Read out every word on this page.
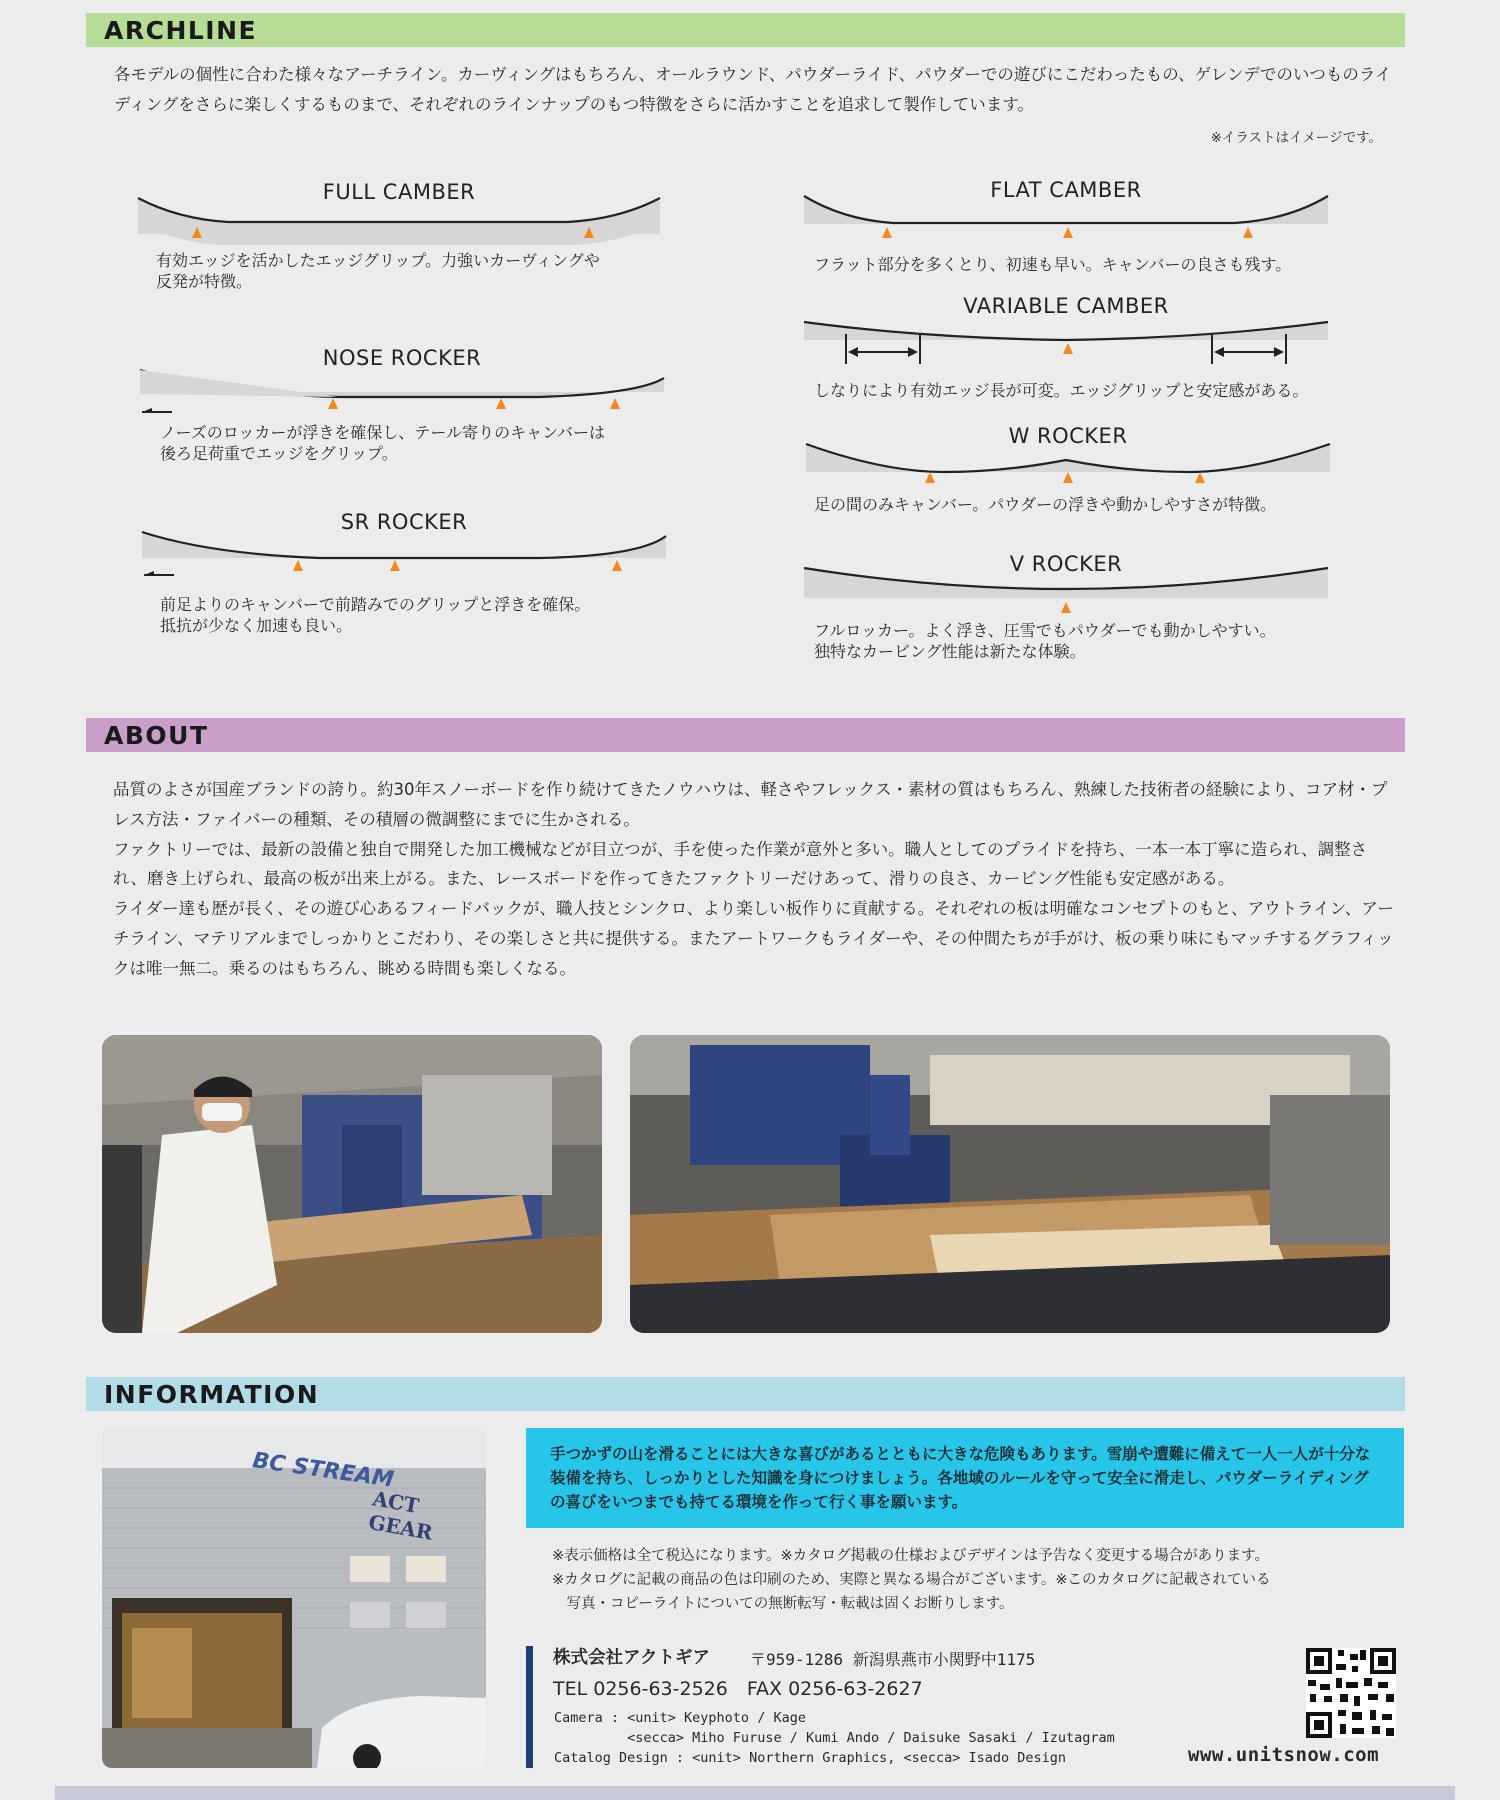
ARCHLINE

各モデルの個性に合わた様々なアーチライン。カーヴィングはもちろん、オールラウンド、パウダーライド、パウダーでの遊びにこだわったもの、ゲレンデでのいつものライディングをさらに楽しくするものまで、それぞれのラインナップのもつ特徴をさらに活かすことを追求して製作しています。

※イラストはイメージです。
FULL CAMBER
有効エッジを活かしたエッジグリップ。力強いカーヴィングや
反発が特徴。
NOSE ROCKER
ノーズのロッカーが浮きを確保し、テール寄りのキャンバーは
後ろ足荷重でエッジをグリップ。
SR ROCKER
前足よりのキャンバーで前踏みでのグリップと浮きを確保。
抵抗が少なく加速も良い。
FLAT CAMBER
フラット部分を多くとり、初速も早い。キャンバーの良さも残す。
VARIABLE CAMBER
しなりにより有効エッジ長が可変。エッジグリップと安定感がある。
W ROCKER
足の間のみキャンバー。パウダーの浮きや動かしやすさが特徴。
V ROCKER
フルロッカー。よく浮き、圧雪でもパウダーでも動かしやすい。
独特なカービング性能は新たな体験。
ABOUT

品質のよさが国産ブランドの誇り。約30年スノーボードを作り続けてきたノウハウは、軽さやフレックス・素材の質はもちろん、熟練した技術者の経験により、コア材・プレス方法・ファイバーの種類、その積層の微調整にまでに生かされる。
ファクトリーでは、最新の設備と独自で開発した加工機械などが目立つが、手を使った作業が意外と多い。職人としてのプライドを持ち、一本一本丁寧に造られ、調整され、磨き上げられ、最高の板が出来上がる。また、レースボードを作ってきたファクトリーだけあって、滑りの良さ、カービング性能も安定感がある。
ライダー達も歴が長く、その遊び心あるフィードバックが、職人技とシンクロ、より楽しい板作りに貢献する。それぞれの板は明確なコンセプトのもと、アウトライン、アーチライン、マテリアルまでしっかりとこだわり、その楽しさと共に提供する。またアートワークもライダーや、その仲間たちが手がけ、板の乗り味にもマッチするグラフィックは唯一無二。乗るのはもちろん、眺める時間も楽しくなる。

INFORMATION
BC STREAM
ACT GEAR
手つかずの山を滑ることには大きな喜びがあるとともに大きな危険もあります。雪崩や遭難に備えて一人一人が十分な装備を持ち、しっかりとした知識を身につけましょう。各地域のルールを守って安全に滑走し、パウダーライディングの喜びをいつまでも持てる環境を作って行く事を願います。
※表示価格は全て税込になります。※カタログ掲載の仕様およびデザインは予告なく変更する場合があります。
※カタログに記載の商品の色は印刷のため、実際と異なる場合がございます。※このカタログに記載されている
　写真・コピーライトについての無断転写・転載は固くお断りします。
株式会社アクトギア	〒959-1286 新潟県燕市小関野中1175
TEL 0256-63-2526　FAX 0256-63-2627
Camera : <unit> Keyphoto / Kage
<secca> Miho Furuse / Kumi Ando / Daisuke Sasaki / Izutagram
Catalog Design : <unit> Northern Graphics, <secca> Isado Design	www.unitsnow.com
